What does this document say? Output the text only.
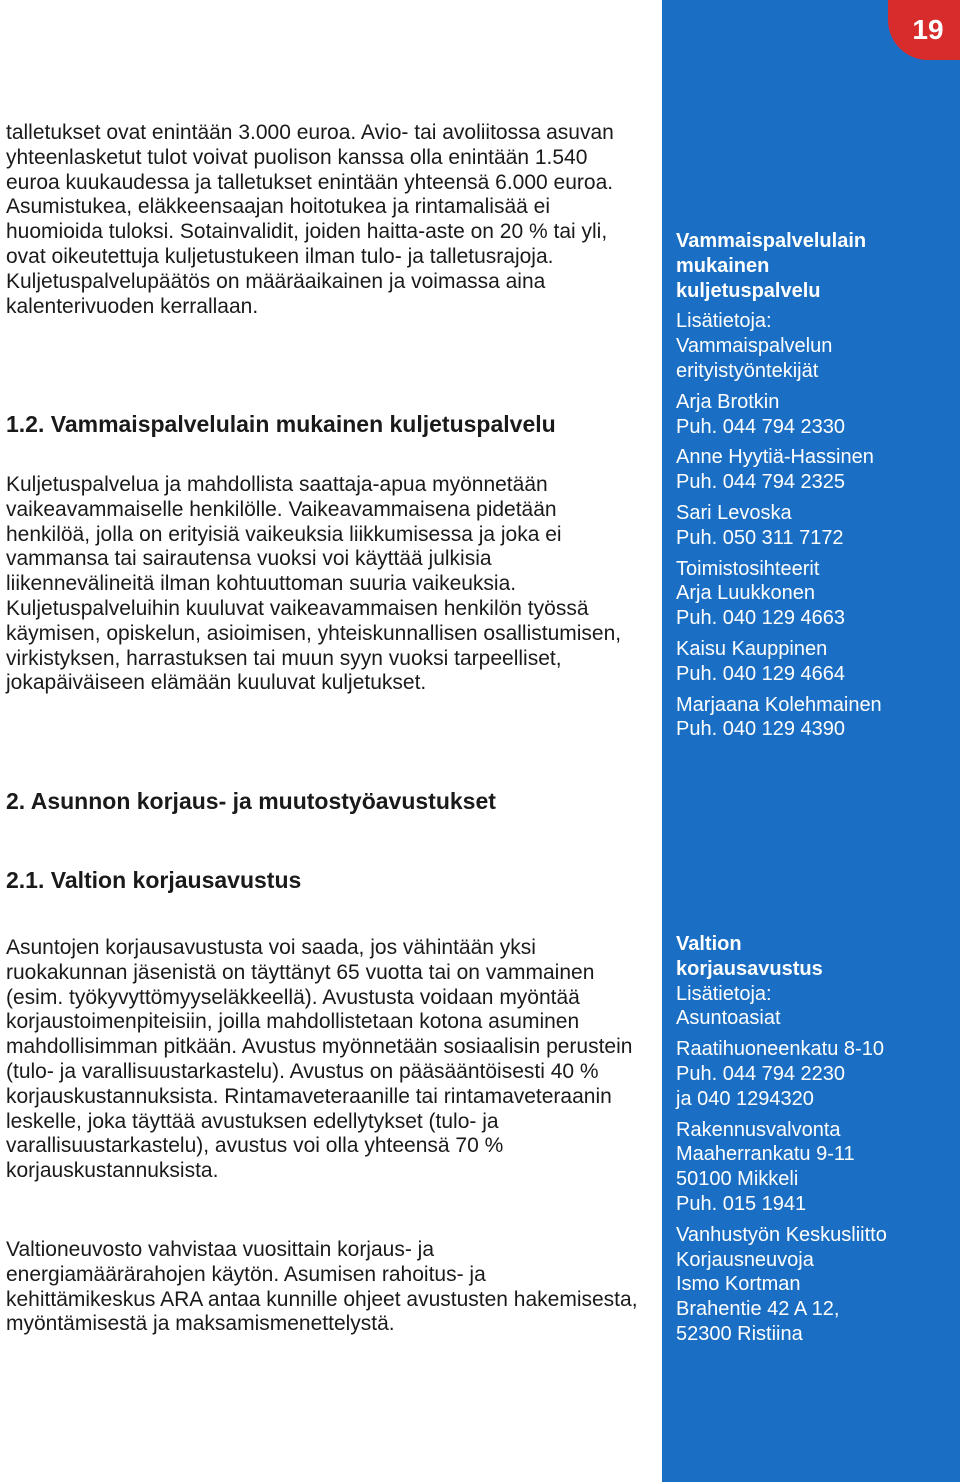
19

talletukset ovat enintään 3.000 euroa. Avio- tai avoliitossa asuvan yhteenlasketut tulot voivat puolison kanssa olla enintään 1.540 euroa kuukaudessa ja talletukset enintään yhteensä 6.000 euroa. Asumistukea, eläkkeensaajan hoitotukea ja rintamalisää ei huomioida tuloksi. Sotainvalidit, joiden haitta-aste on 20 % tai yli, ovat oikeutettuja kuljetustukeen ilman tulo- ja talletusrajoja. Kuljetuspalvelupäätös on määräaikainen ja voimassa aina kalenterivuoden kerrallaan.

1.2. Vammaispalvelulain mukainen kuljetuspalvelu

Kuljetuspalvelua ja mahdollista saattaja-apua myönnetään vaikeavammaiselle henkilölle. Vaikeavammaisena pidetään henkilöä, jolla on erityisiä vaikeuksia liikkumisessa ja joka ei vammansa tai sairautensa vuoksi voi käyttää julkisia liikennevälineitä ilman kohtuuttoman suuria vaikeuksia. Kuljetuspalveluihin kuuluvat vaikeavammaisen henkilön työssä käymisen, opiskelun, asioimisen, yhteiskunnallisen osallistumisen, virkistyksen, harrastuksen tai muun syyn vuoksi tarpeelliset, jokapäiväiseen elämään kuuluvat kuljetukset.

2. Asunnon korjaus- ja muutostyöavustukset
2.1. Valtion korjausavustus

Asuntojen korjausavustusta voi saada, jos vähintään yksi ruokakunnan jäsenistä on täyttänyt 65 vuotta tai on vammainen (esim. työkyvyttömyyseläkkeellä). Avustusta voidaan myöntää korjaustoimenpiteisiin, joilla mahdollistetaan kotona asuminen mahdollisimman pitkään. Avustus myönnetään sosiaalisin perustein (tulo- ja varallisuustarkastelu). Avustus on pääsääntöisesti 40 % korjauskustannuksista. Rintamaveteraanille tai rintamaveteraanin leskelle, joka täyttää avustuksen edellytykset (tulo- ja varallisuustarkastelu), avustus voi olla yhteensä 70 % korjauskustannuksista.

Valtioneuvosto vahvistaa vuosittain korjaus- ja energiamäärärahojen käytön. Asumisen rahoitus- ja kehittämikeskus ARA antaa kunnille ohjeet avustusten hakemisesta, myöntämisestä ja maksamismenettelystä.

Vammaispalvelulain
mukainen
kuljetuspalvelu
Lisätietoja:
Vammaispalvelun
erityistyöntekijät
Arja Brotkin
Puh. 044 794 2330
Anne Hyytiä-Hassinen
Puh. 044 794 2325
Sari Levoska
Puh. 050 311 7172
Toimistosihteerit
Arja Luukkonen
Puh. 040 129 4663
Kaisu Kauppinen
Puh. 040 129 4664
Marjaana Kolehmainen
Puh. 040 129 4390
Valtion
korjausavustus
Lisätietoja:
Asuntoasiat
Raatihuoneenkatu 8-10
Puh. 044 794 2230
ja 040 1294320
Rakennusvalvonta
Maaherrankatu 9-11
50100 Mikkeli
Puh. 015 1941
Vanhustyön Keskusliitto
Korjausneuvoja
Ismo Kortman
Brahentie 42 A 12,
52300 Ristiina
